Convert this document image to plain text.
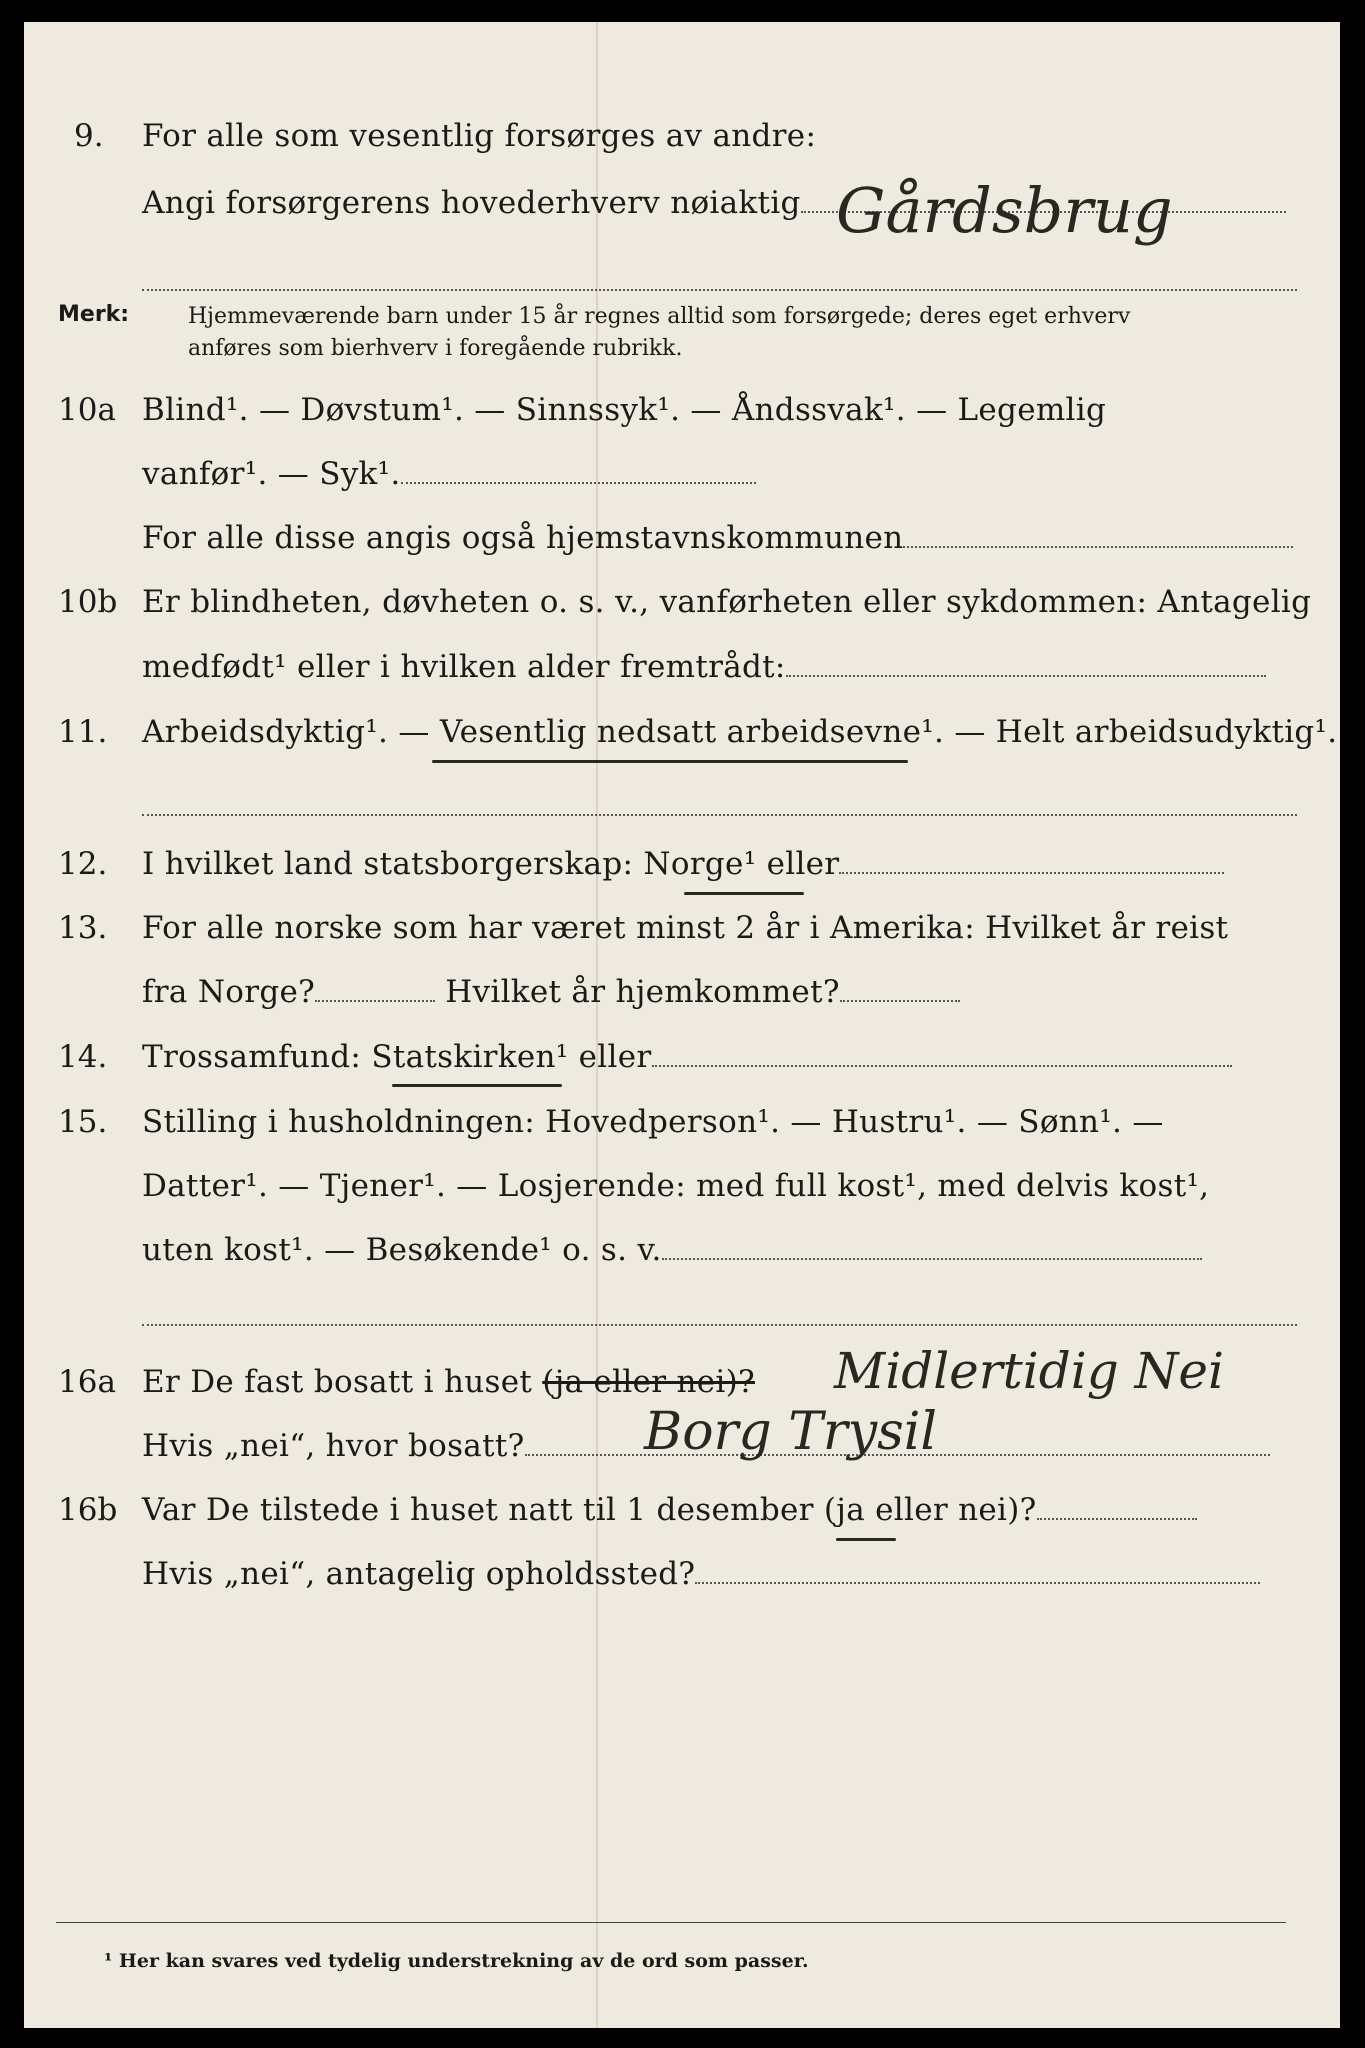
9. For alle som vesentlig forsørges av andre:
Angi forsørgerens hovederhverv nøiaktig Gårdsbrug
Merk:	Hjemmeværende barn under 15 år regnes alltid som forsørgede; deres eget erhverv
anføres som bierhverv i foregående rubrikk.
10a Blind¹. — Døvstum¹. — Sinnssyk¹. — Åndssvak¹. — Legemlig
vanfør¹. — Syk¹.
For alle disse angis også hjemstavnskommunen
10b Er blindheten, døvheten o. s. v., vanførheten eller sykdommen: Antagelig
medfødt¹ eller i hvilken alder fremtrådt:
11. Arbeidsdyktig¹. — Vesentlig nedsatt arbeidsevne¹. — Helt arbeidsudyktig¹.
12. I hvilket land statsborgerskap: Norge¹ eller
13. For alle norske som har været minst 2 år i Amerika: Hvilket år reist
fra Norge?	Hvilket år hjemkommet?
14. Trossamfund: Statskirken¹ eller
15. Stilling i husholdningen: Hovedperson¹. — Hustru¹. — Sønn¹. —
Datter¹. — Tjener¹. — Losjerende: med full kost¹, med delvis kost¹,
uten kost¹. — Besøkende¹ o. s. v.
16a Er De fast bosatt i huset (ja eller nei)? Midlertidig Nei
Hvis „nei“, hvor bosatt?	Borg Trysil
16b Var De tilstede i huset natt til 1 desember (ja eller nei)?
Hvis „nei“, antagelig opholdssted?
¹ Her kan svares ved tydelig understrekning av de ord som passer.
